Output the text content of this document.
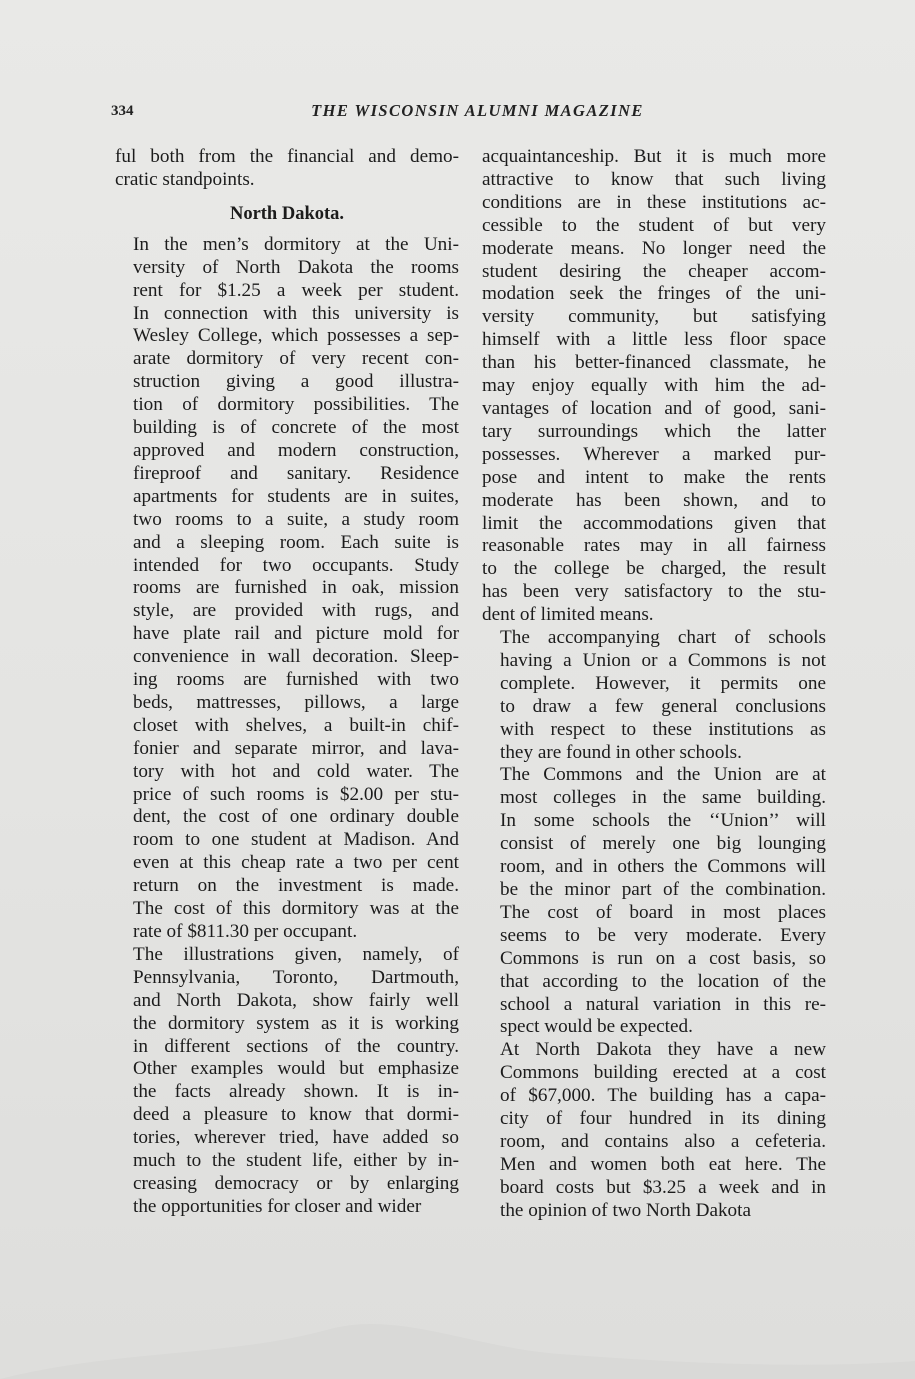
334	THE WISCONSIN ALUMNI MAGAZINE

ful both from the financial and demo-
cratic standpoints.

North Dakota.

In the men’s dormitory at the Uni-
versity of North Dakota the rooms
rent for $1.25 a week per student.
In connection with this university is
Wesley College, which possesses a sep-
arate dormitory of very recent con-
struction giving a good illustra-
tion of dormitory possibilities. The
building is of concrete of the most
approved and modern construction,
fireproof and sanitary. Residence
apartments for students are in suites,
two rooms to a suite, a study room
and a sleeping room. Each suite is
intended for two occupants. Study
rooms are furnished in oak, mission
style, are provided with rugs, and
have plate rail and picture mold for
convenience in wall decoration. Sleep-
ing rooms are furnished with two
beds, mattresses, pillows, a large
closet with shelves, a built-in chif-
fonier and separate mirror, and lava-
tory with hot and cold water. The
price of such rooms is $2.00 per stu-
dent, the cost of one ordinary double
room to one student at Madison. And
even at this cheap rate a two per cent
return on the investment is made.
The cost of this dormitory was at the
rate of $811.30 per occupant.

The illustrations given, namely, of
Pennsylvania, Toronto, Dartmouth,
and North Dakota, show fairly well
the dormitory system as it is working
in different sections of the country.
Other examples would but emphasize
the facts already shown. It is in-
deed a pleasure to know that dormi-
tories, wherever tried, have added so
much to the student life, either by in-
creasing democracy or by enlarging
the opportunities for closer and wider

acquaintanceship. But it is much more
attractive to know that such living
conditions are in these institutions ac-
cessible to the student of but very
moderate means. No longer need the
student desiring the cheaper accom-
modation seek the fringes of the uni-
versity community, but satisfying
himself with a little less floor space
than his better-financed classmate, he
may enjoy equally with him the ad-
vantages of location and of good, sani-
tary surroundings which the latter
possesses. Wherever a marked pur-
pose and intent to make the rents
moderate has been shown, and to
limit the accommodations given that
reasonable rates may in all fairness
to the college be charged, the result
has been very satisfactory to the stu-
dent of limited means.

The accompanying chart of schools
having a Union or a Commons is not
complete. However, it permits one
to draw a few general conclusions
with respect to these institutions as
they are found in other schools.

The Commons and the Union are at
most colleges in the same building.
In some schools the ‘‘Union’’ will
consist of merely one big lounging
room, and in others the Commons will
be the minor part of the combination.
The cost of board in most places
seems to be very moderate. Every
Commons is run on a cost basis, so
that according to the location of the
school a natural variation in this re-
spect would be expected.

At North Dakota they have a new
Commons building erected at a cost
of $67,000. The building has a capa-
city of four hundred in its dining
room, and contains also a cefeteria.
Men and women both eat here. The
board costs but $3.25 a week and in
the opinion of two North Dakota
